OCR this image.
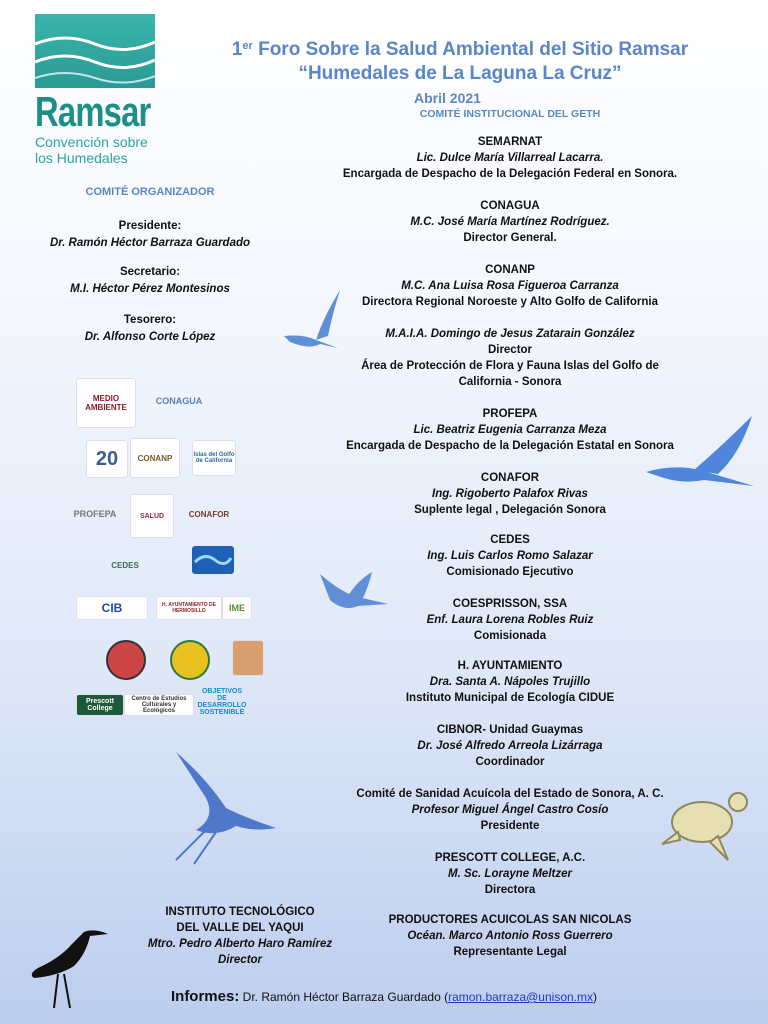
Ramsar
Convención sobre
los Humedales
1er Foro Sobre la Salud Ambiental del Sitio Ramsar
“Humedales de La Laguna La Cruz”
Abril 2021
COMITÉ ORGANIZADOR
Presidente:
Dr. Ramón Héctor Barraza Guardado
Secretario:
M.I. Héctor Pérez Montesinos
Tesorero:
Dr. Alfonso Corte López
COMITÉ INSTITUCIONAL DEL GETH
SEMARNAT
Lic. Dulce María Villarreal Lacarra.
Encargada de Despacho de la Delegación Federal en Sonora.
CONAGUA
M.C. José María Martínez Rodríguez.
Director General.
CONANP
M.C. Ana Luisa Rosa Figueroa Carranza
Directora Regional Noroeste y Alto Golfo de California
M.A.I.A. Domingo de Jesus Zatarain González
Director
Área de Protección de Flora y Fauna Islas del Golfo de
California - Sonora
PROFEPA
Lic. Beatriz Eugenia Carranza Meza
Encargada de Despacho de la Delegación Estatal en Sonora
CONAFOR
Ing. Rigoberto Palafox Rivas
Suplente legal , Delegación Sonora
CEDES
Ing. Luis Carlos Romo Salazar
Comisionado Ejecutivo
COESPRISSON, SSA
Enf. Laura Lorena Robles Ruiz
Comisionada
H. AYUNTAMIENTO
Dra. Santa A. Nápoles Trujillo
Instituto Municipal de Ecología CIDUE
CIBNOR- Unidad Guaymas
Dr. José Alfredo Arreola Lizárraga
Coordinador
Comité de Sanidad Acuícola del Estado de Sonora, A. C.
Profesor Miguel Ángel Castro Cosío
Presidente
PRESCOTT COLLEGE, A.C.
M. Sc. Lorayne Meltzer
Directora
PRODUCTORES ACUICOLAS SAN NICOLAS
Océan. Marco Antonio Ross Guerrero
Representante Legal
INSTITUTO TECNOLÓGICO
DEL VALLE DEL YAQUI
Mtro. Pedro Alberto Haro Ramírez
Director
Informes: Dr. Ramón Héctor Barraza Guardado (ramon.barraza@unison.mx)
MEDIO AMBIENTE
CONAGUA
20 CONANP	Islas del Golfo de California
PROFEPA	SALUD	CONAFOR
CEDES
CIB	H. AYUNTAMIENTO DE HERMOSILLO	IME
Prescott College
Centro de Estudios Culturales y Ecológicos
OBJETIVOS DE DESARROLLO SOSTENIBLE
